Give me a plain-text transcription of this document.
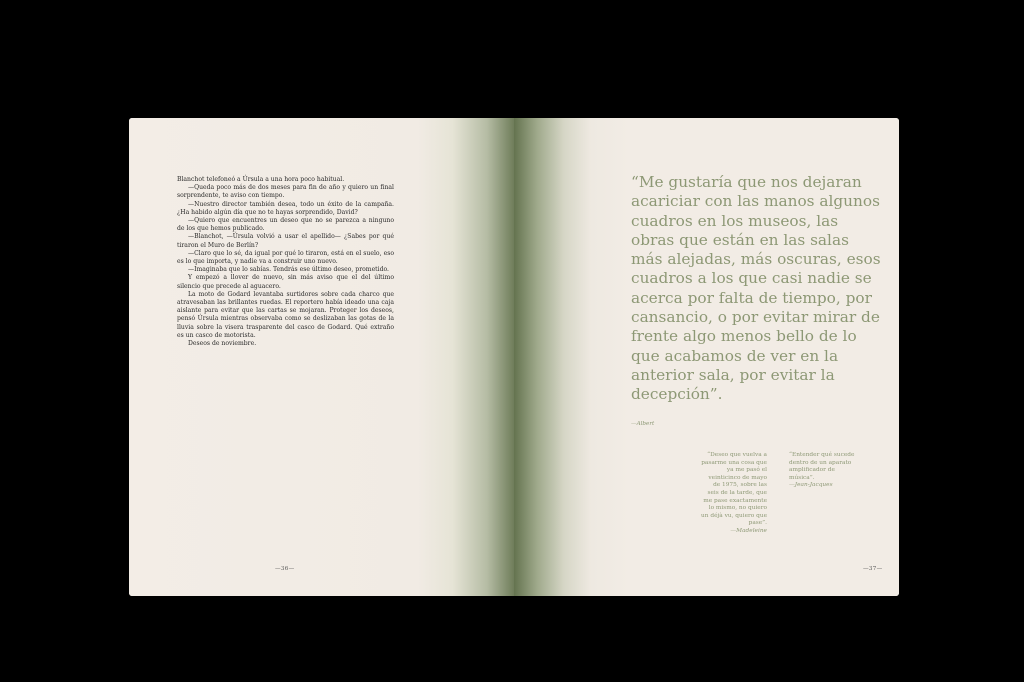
Blanchot telefoneó a Úrsula a una hora poco habitual.

—Queda poco más de dos meses para fin de año y quiero un final sorprendente, te aviso con tiempo.

—Nuestro director también desea, todo un éxito de la campaña. ¿Ha habido algún día que no te hayas sorprendido, David?

—Quiero que encuentres un deseo que no se parezca a ninguno de los que hemos publicado.

—Blanchot, —Úrsula volvió a usar el apellido— ¿Sabes por qué tiraron el Muro de Berlín?

—Claro que lo sé, da igual por qué lo tiraron, está en el suelo, eso es lo que importa, y nadie va a construir uno nuevo.

—Imaginaba que lo sabías. Tendrás ese último deseo, prometido.

Y empezó a llover de nuevo, sin más aviso que el del último silencio que precede al aguacero.

La moto de Godard levantaba surtidores sobre cada charco que atravesaban las brillantes ruedas. El reportero había ideado una caja aislante para evitar que las cartas se mojaran. Proteger los deseos, pensó Úrsula mientras observaba como se deslizaban las gotas de la lluvia sobre la visera trasparente del casco de Godard. Qué extraño es un casco de motorista.

Deseos de noviembre.

—36—
“Me gustaría que nos dejaran acariciar con las manos algunos cuadros en los museos, las obras que están en las salas más alejadas, más oscuras, esos cuadros a los que casi nadie se acerca por falta de tiempo, por cansancio, o por evitar mirar de frente algo menos bello de lo que acabamos de ver en la anterior sala, por evitar la decepción”.
—Albert
“Deseo que vuelva a pasarme una cosa que ya me pasó el veinticinco de mayo de 1975, sobre las seis de la tarde, que me pase exactamente lo mismo, no quiero un déjà vu, quiero que pase”.
—Madeleine
“Entender qué sucede dentro de un aparato amplificador de música”.
—Jean-Jacques
—37—
